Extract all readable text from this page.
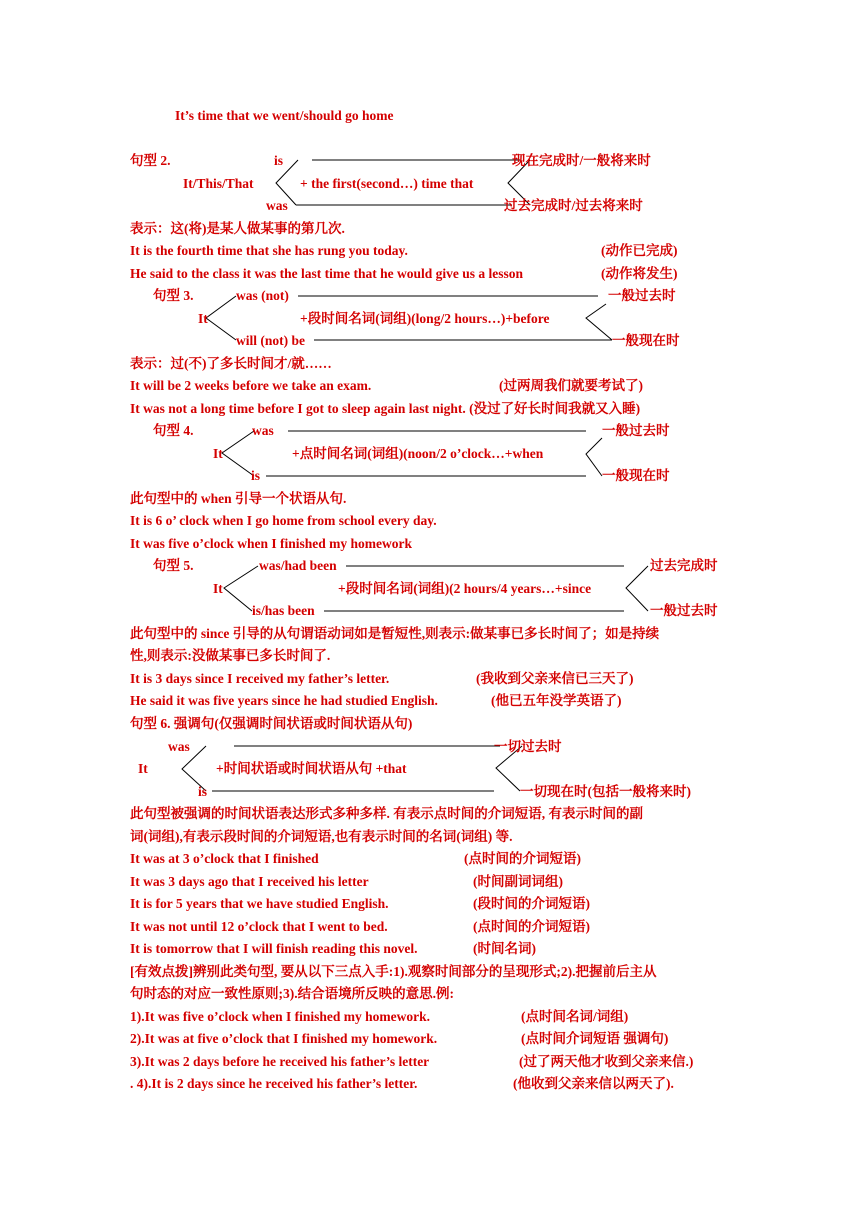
It’s time that we went/should go home
句型 2.	is
It/This/That	+ the first(second…) time that
was
现在完成时/一般将来时
过去完成时/过去将来时
表示：这(将)是某人做某事的第几次.
It is the fourth time that she has rung you today.	(动作已完成)
He said to the class it was the last time that he would give us a lesson	(动作将发生)
句型 3.	was (not)
It	+段时间名词(词组)(long/2 hours…)+before
will (not) be
一般过去时
一般现在时
表示：过(不)了多长时间才/就……
It will be 2 weeks before we take an exam.	(过两周我们就要考试了)
It was not a long time before I got to sleep again last night. (没过了好长时间我就又入睡)
句型 4.	was
It	+点时间名词(词组)(noon/2 o’clock…+when
is
一般过去时
一般现在时
此句型中的 when 引导一个状语从句.
It is 6 o’ clock when I go home from school every day.
It was five o’clock when I finished my homework
句型 5.	was/had been
It	+段时间名词(词组)(2 hours/4 years…+since
is/has been
过去完成时
一般过去时
此句型中的 since 引导的从句谓语动词如是暂短性,则表示:做某事已多长时间了；如是持续
性,则表示:没做某事已多长时间了.
It is 3 days since I received my father’s letter.	(我收到父亲来信已三天了)
He said it was five years since he had studied English.	(他已五年没学英语了)
句型 6. 强调句(仅强调时间状语或时间状语从句)
was
It	+时间状语或时间状语从句 +that
is
一切过去时
一切现在时(包括一般将来时)
此句型被强调的时间状语表达形式多种多样. 有表示点时间的介词短语, 有表示时间的副
词(词组),有表示段时间的介词短语,也有表示时间的名词(词组) 等.
It was at 3 o’clock that I finished	(点时间的介词短语)
It was 3 days ago that I received his letter	(时间副词词组)
It is for 5 years that we have studied English.	(段时间的介词短语)
It was not until 12 o’clock that I went to bed.	(点时间的介词短语)
It is tomorrow that I will finish reading this novel.	(时间名词)
[有效点拨]辨别此类句型, 要从以下三点入手:1).观察时间部分的呈现形式;2).把握前后主从
句时态的对应一致性原则;3).结合语境所反映的意思.例:
1).It was five o’clock when I finished my homework.	(点时间名词/词组)
2).It was at five o’clock that I finished my homework.	(点时间介词短语 强调句)
3).It was 2 days before he received his father’s letter	(过了两天他才收到父亲来信.)
. 4).It is 2 days since he received his father’s letter.	(他收到父亲来信以两天了).
